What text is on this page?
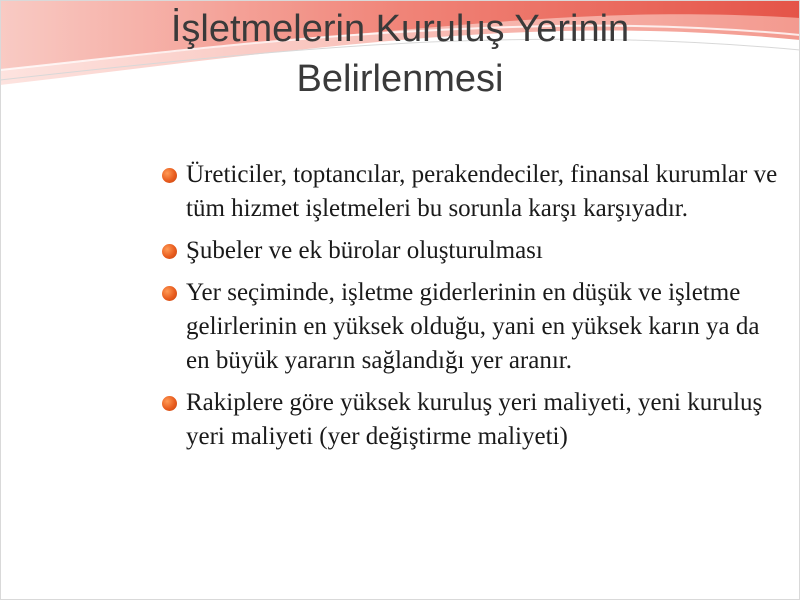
İşletmelerin Kuruluş Yerinin
Belirlenmesi
Üreticiler, toptancılar, perakendeciler, finansal kurumlar ve tüm hizmet işletmeleri bu sorunla karşı karşıyadır.
Şubeler ve ek bürolar oluşturulması
Yer seçiminde, işletme giderlerinin en düşük ve işletme gelirlerinin en yüksek olduğu, yani en yüksek karın ya da en büyük yararın sağlandığı yer aranır.
Rakiplere göre yüksek kuruluş yeri maliyeti, yeni kuruluş yeri maliyeti (yer değiştirme maliyeti)
